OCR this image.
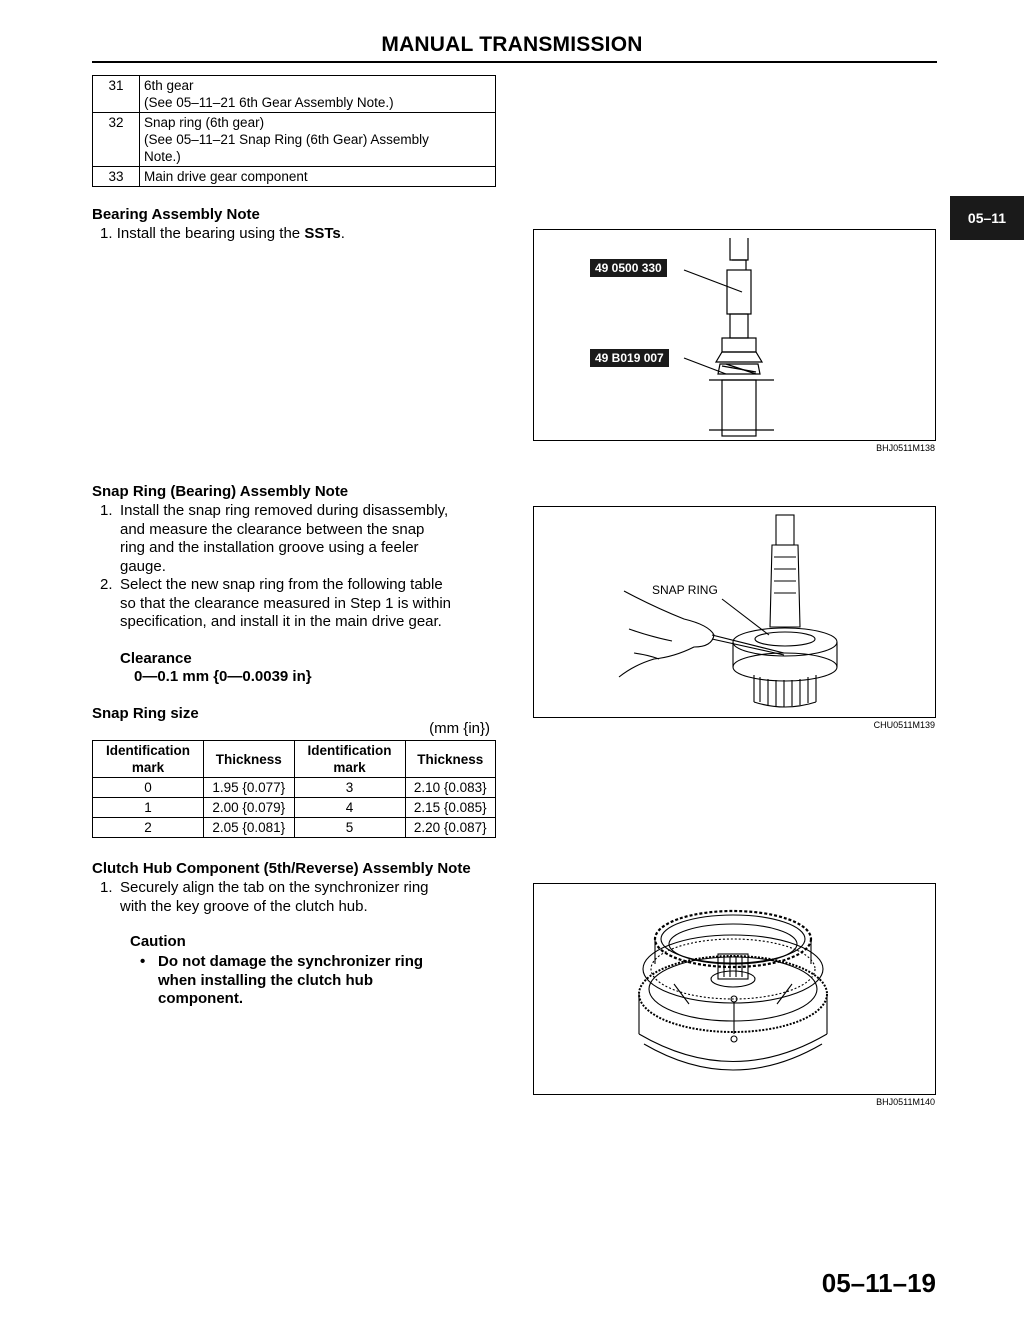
MANUAL TRANSMISSION
05–11
31	6th gear
(See 05–11–21 6th Gear Assembly Note.)

32	Snap ring (6th gear)
(See 05–11–21 Snap Ring (6th Gear) Assembly
Note.)

33	Main drive gear component
Bearing Assembly Note
1. Install the bearing using the SSTs.
49 0500 330
49 B019 007
BHJ0511M138
Snap Ring (Bearing) Assembly Note
1. Install the snap ring removed during disassembly,
and measure the clearance between the snap
ring and the installation groove using a feeler
gauge.
2. Select the new snap ring from the following table
so that the clearance measured in Step 1 is within
specification, and install it in the main drive gear.
Clearance
0—0.1 mm {0—0.0039 in}
SNAP RING
CHU0511M139
Snap Ring size
(mm {in})
Identification mark	Thickness	Identification mark	Thickness
0	1.95 {0.077}	3	2.10 {0.083}
1	2.00 {0.079}	4	2.15 {0.085}
2	2.05 {0.081}	5	2.20 {0.087}
Clutch Hub Component (5th/Reverse) Assembly Note
1. Securely align the tab on the synchronizer ring
with the key groove of the clutch hub.
Caution
• Do not damage the synchronizer ring
when installing the clutch hub
component.
BHJ0511M140
05–11–19
